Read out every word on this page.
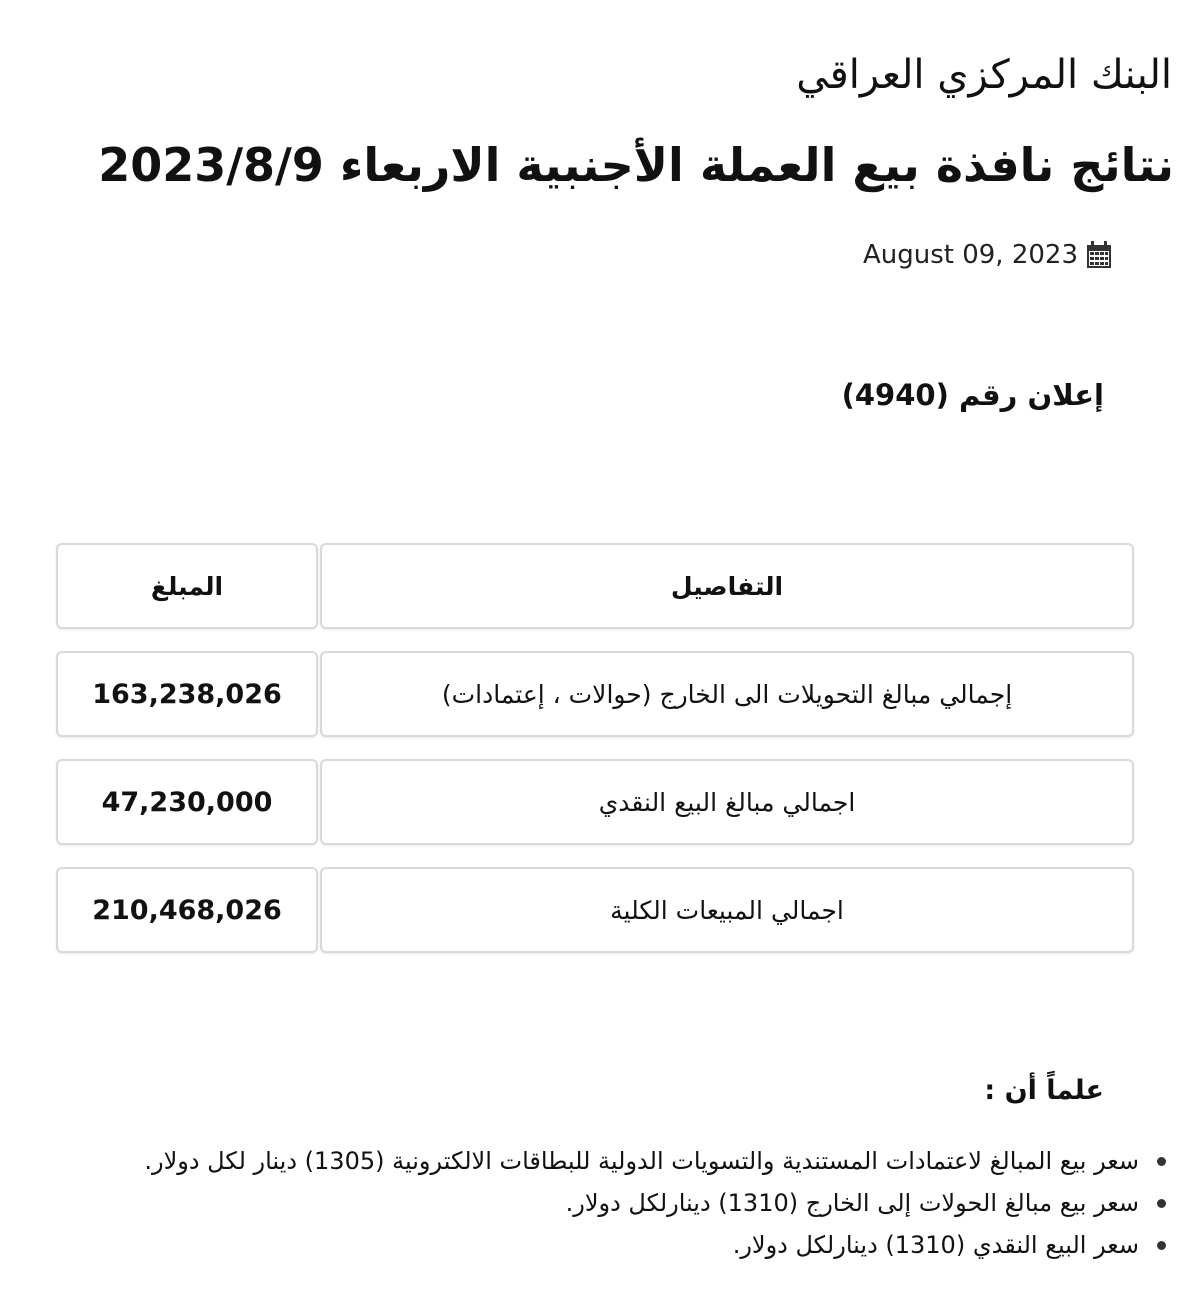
البنك المركزي العراقي
نتائج نافذة بيع العملة الأجنبية الاربعاء 2023/8/9
August 09, 2023
إعلان رقم (4940)
المبلغ	التفاصيل
163,238,026	إجمالي مبالغ التحويلات الى الخارج (حوالات ، إعتمادات)
47,230,000	اجمالي مبالغ البيع النقدي
210,468,026	اجمالي المبيعات الكلية
علماً أن :
سعر بيع المبالغ لاعتمادات المستندية والتسويات الدولية للبطاقات الالكترونية (1305) دينار لكل دولار.
سعر بيع مبالغ الحولات إلى الخارج (1310) دينارلكل دولار.
سعر البيع النقدي (1310) دينارلكل دولار.
